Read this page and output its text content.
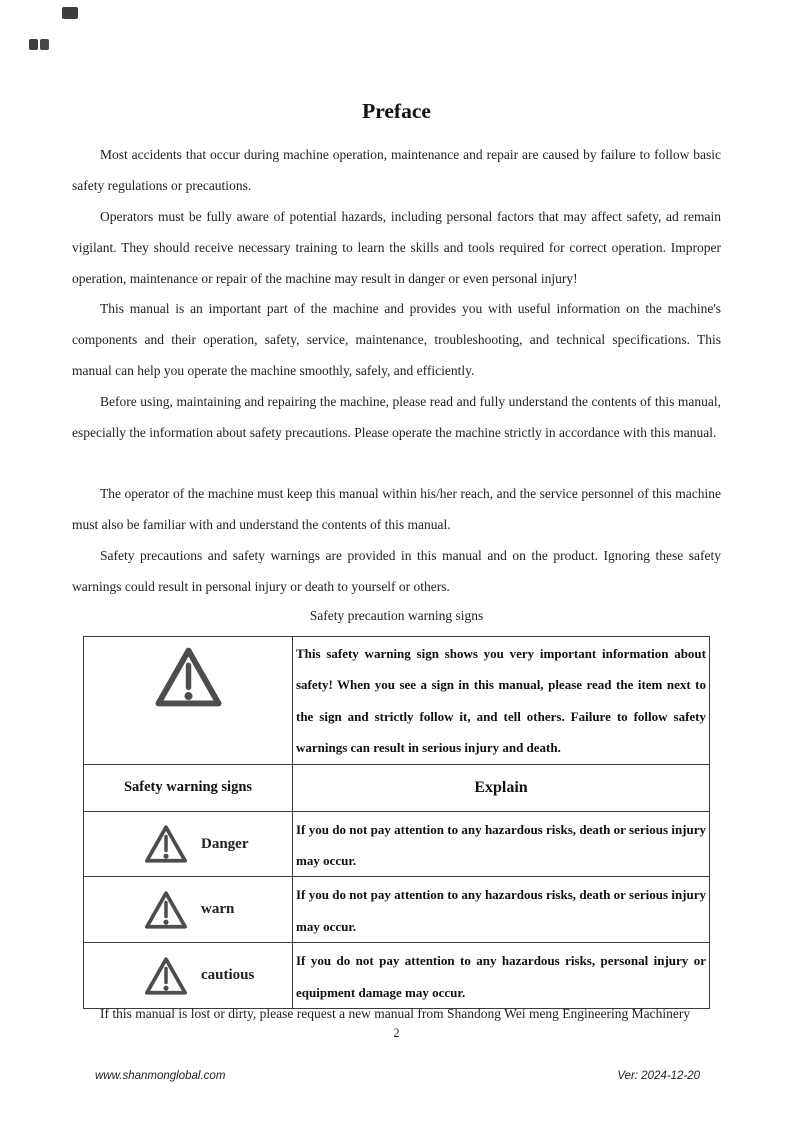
Preface

Most accidents that occur during machine operation, maintenance and repair are caused by failure to follow basic safety regulations or precautions.

Operators must be fully aware of potential hazards, including personal factors that may affect safety, ad remain vigilant. They should receive necessary training to learn the skills and tools required for correct operation. Improper operation, maintenance or repair of the machine may result in danger or even personal injury!

This manual is an important part of the machine and provides you with useful information on the machine's components and their operation, safety, service, maintenance, troubleshooting, and technical specifications. This manual can help you operate the machine smoothly, safely, and efficiently.

Before using, maintaining and repairing the machine, please read and fully understand the contents of this manual, especially the information about safety precautions. Please operate the machine strictly in accordance with this manual.

The operator of the machine must keep this manual within his/her reach, and the service personnel of this machine must also be familiar with and understand the contents of this manual.

Safety precautions and safety warnings are provided in this manual and on the product. Ignoring these safety warnings could result in personal injury or death to yourself or others.

Safety precaution warning signs
	This safety warning sign shows you very important information about safety! When you see a sign in this manual, please read the item next to the sign and strictly follow it, and tell others. Failure to follow safety warnings can result in serious injury and death.
Safety warning signs	Explain

Danger	If you do not pay attention to any hazardous risks, death or serious injury may occur.

warn	If you do not pay attention to any hazardous risks, death or serious injury may occur.

cautious	If you do not pay attention to any hazardous risks, personal injury or equipment damage may occur.

If this manual is lost or dirty, please request a new manual from Shandong Wei meng Engineering Machinery

2
www.shanmonglobal.com	Ver: 2024-12-20
